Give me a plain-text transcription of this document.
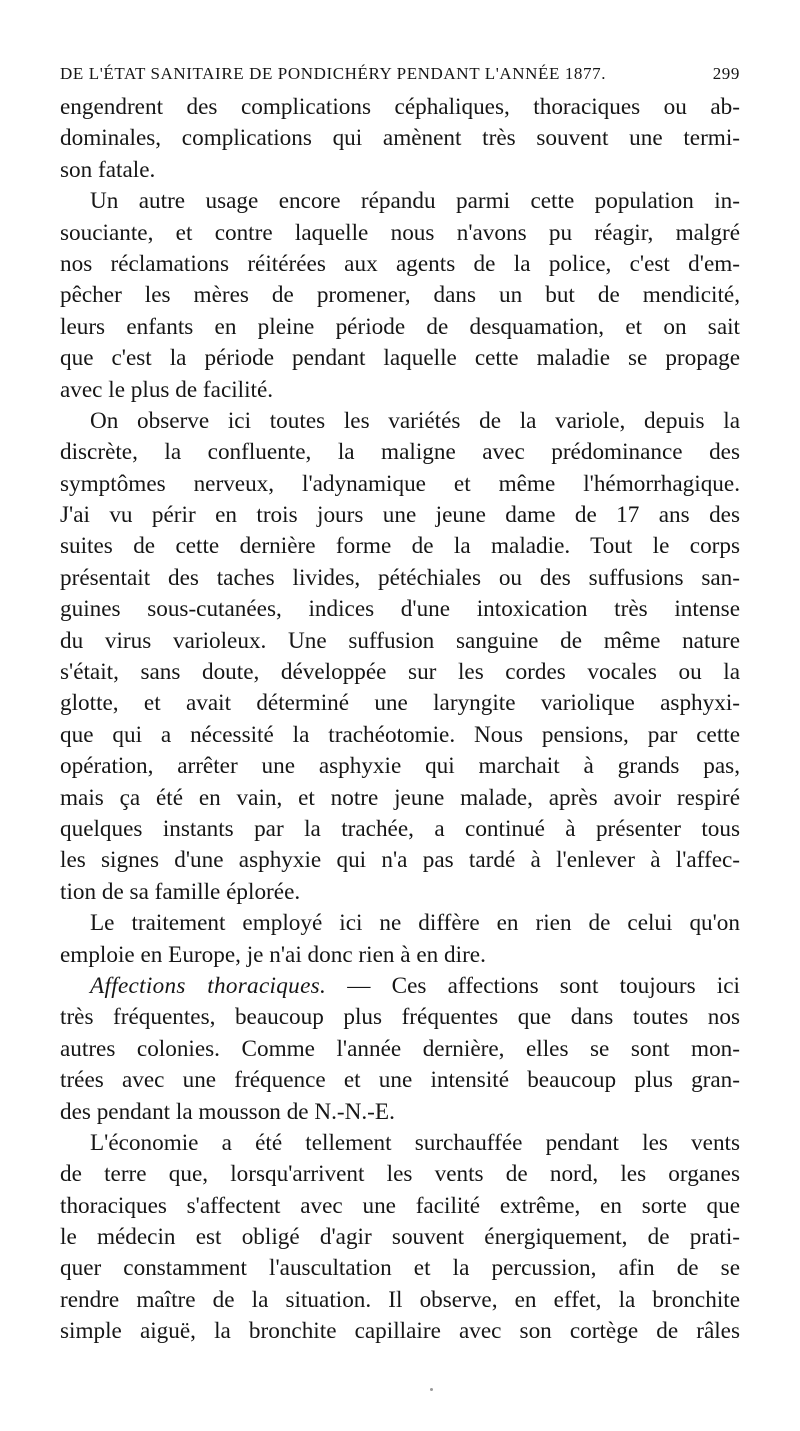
DE L'ÉTAT SANITAIRE DE PONDICHÉRY PENDANT L'ANNÉE 1877.	299
engendrent des complications céphaliques, thoraciques ou ab-
dominales, complications qui amènent très souvent une termi-
son fatale.
Un autre usage encore répandu parmi cette population in-
souciante, et contre laquelle nous n'avons pu réagir, malgré
nos réclamations réitérées aux agents de la police, c'est d'em-
pêcher les mères de promener, dans un but de mendicité,
leurs enfants en pleine période de desquamation, et on sait
que c'est la période pendant laquelle cette maladie se propage
avec le plus de facilité.
On observe ici toutes les variétés de la variole, depuis la
discrète, la confluente, la maligne avec prédominance des
symptômes nerveux, l'adynamique et même l'hémorrhagique.
J'ai vu périr en trois jours une jeune dame de 17 ans des
suites de cette dernière forme de la maladie. Tout le corps
présentait des taches livides, pétéchiales ou des suffusions san-
guines sous-cutanées, indices d'une intoxication très intense
du virus varioleux. Une suffusion sanguine de même nature
s'était, sans doute, développée sur les cordes vocales ou la
glotte, et avait déterminé une laryngite variolique asphyxi-
que qui a nécessité la trachéotomie. Nous pensions, par cette
opération, arrêter une asphyxie qui marchait à grands pas,
mais ça été en vain, et notre jeune malade, après avoir respiré
quelques instants par la trachée, a continué à présenter tous
les signes d'une asphyxie qui n'a pas tardé à l'enlever à l'affec-
tion de sa famille éplorée.
Le traitement employé ici ne diffère en rien de celui qu'on
emploie en Europe, je n'ai donc rien à en dire.
Affections thoraciques. — Ces affections sont toujours ici
très fréquentes, beaucoup plus fréquentes que dans toutes nos
autres colonies. Comme l'année dernière, elles se sont mon-
trées avec une fréquence et une intensité beaucoup plus gran-
des pendant la mousson de N.-N.-E.
L'économie a été tellement surchauffée pendant les vents
de terre que, lorsqu'arrivent les vents de nord, les organes
thoraciques s'affectent avec une facilité extrême, en sorte que
le médecin est obligé d'agir souvent énergiquement, de prati-
quer constamment l'auscultation et la percussion, afin de se
rendre maître de la situation. Il observe, en effet, la bronchite
simple aiguë, la bronchite capillaire avec son cortège de râles
